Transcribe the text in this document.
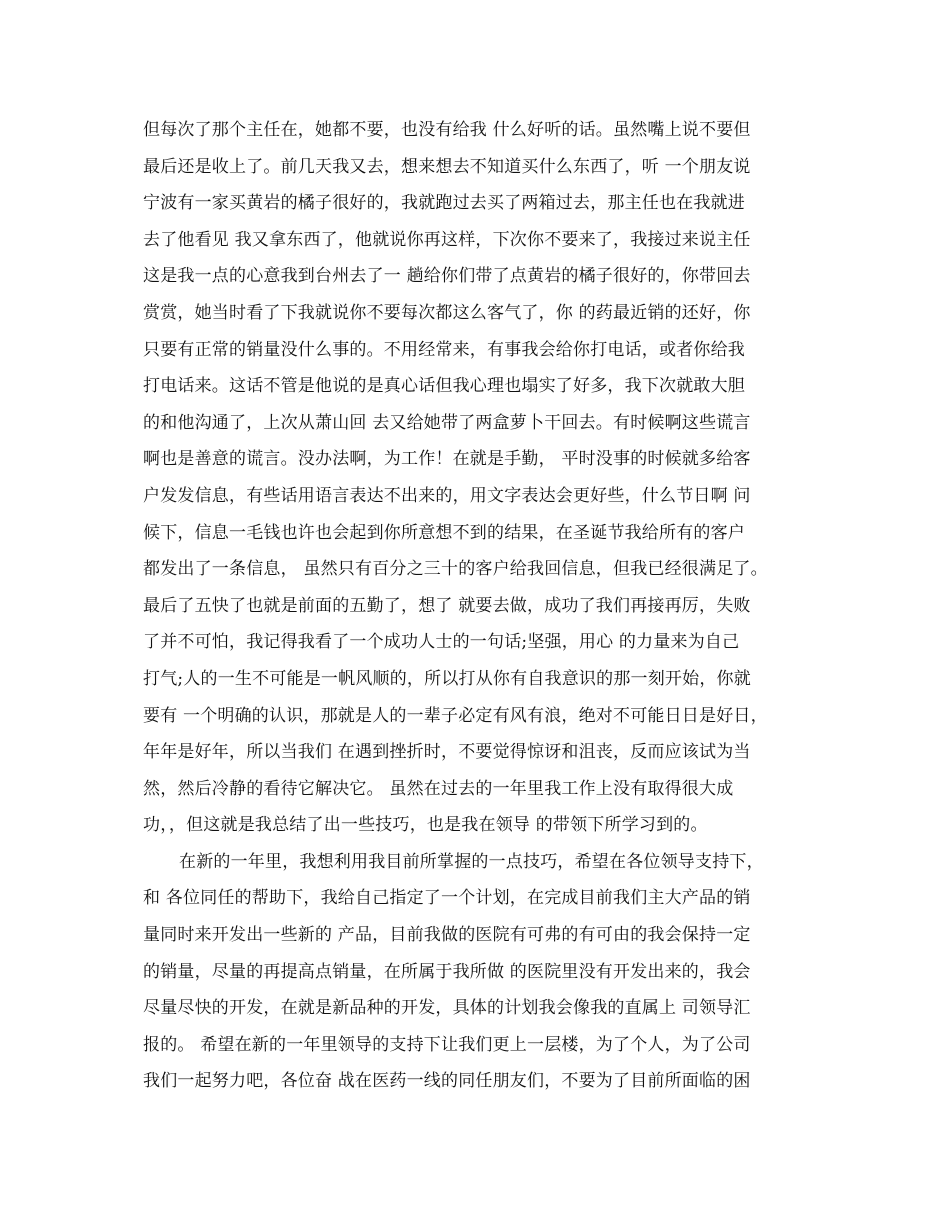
但每次了那个主任在，她都不要，也没有给我 什么好听的话。虽然嘴上说不要但
最后还是收上了。前几天我又去，想来想去不知道买什么东西了，听 一个朋友说
宁波有一家买黄岩的橘子很好的，我就跑过去买了两箱过去，那主任也在我就进
去了他看见 我又拿东西了，他就说你再这样，下次你不要来了，我接过来说主任
这是我一点的心意我到台州去了一 趟给你们带了点黄岩的橘子很好的，你带回去
赏赏，她当时看了下我就说你不要每次都这么客气了，你 的药最近销的还好，你
只要有正常的销量没什么事的。不用经常来，有事我会给你打电话，或者你给我
打电话来。这话不管是他说的是真心话但我心理也塌实了好多，我下次就敢大胆
的和他沟通了，上次从萧山回 去又给她带了两盒萝卜干回去。有时候啊这些谎言
啊也是善意的谎言。没办法啊，为工作！在就是手勤， 平时没事的时候就多给客
户发发信息，有些话用语言表达不出来的，用文字表达会更好些，什么节日啊 问
候下，信息一毛钱也许也会起到你所意想不到的结果，在圣诞节我给所有的客户
都发出了一条信息， 虽然只有百分之三十的客户给我回信息，但我已经很满足了。
最后了五快了也就是前面的五勤了，想了 就要去做，成功了我们再接再厉，失败
了并不可怕，我记得我看了一个成功人士的一句话;坚强，用心 的力量来为自己
打气;人的一生不可能是一帆风顺的，所以打从你有自我意识的那一刻开始，你就
要有 一个明确的认识，那就是人的一辈子必定有风有浪，绝对不可能日日是好日，
年年是好年，所以当我们 在遇到挫折时，不要觉得惊讶和沮丧，反而应该试为当
然，然后冷静的看待它解决它。 虽然在过去的一年里我工作上没有取得很大成
功，，但这就是我总结了出一些技巧，也是我在领导 的带领下所学习到的。
在新的一年里，我想利用我目前所掌握的一点技巧，希望在各位领导支持下，
和 各位同任的帮助下，我给自己指定了一个计划，在完成目前我们主大产品的销
量同时来开发出一些新的 产品，目前我做的医院有可弗的有可由的我会保持一定
的销量，尽量的再提高点销量，在所属于我所做 的医院里没有开发出来的，我会
尽量尽快的开发，在就是新品种的开发，具体的计划我会像我的直属上 司领导汇
报的。 希望在新的一年里领导的支持下让我们更上一层楼，为了个人，为了公司
我们一起努力吧，各位奋 战在医药一线的同任朋友们，不要为了目前所面临的困
